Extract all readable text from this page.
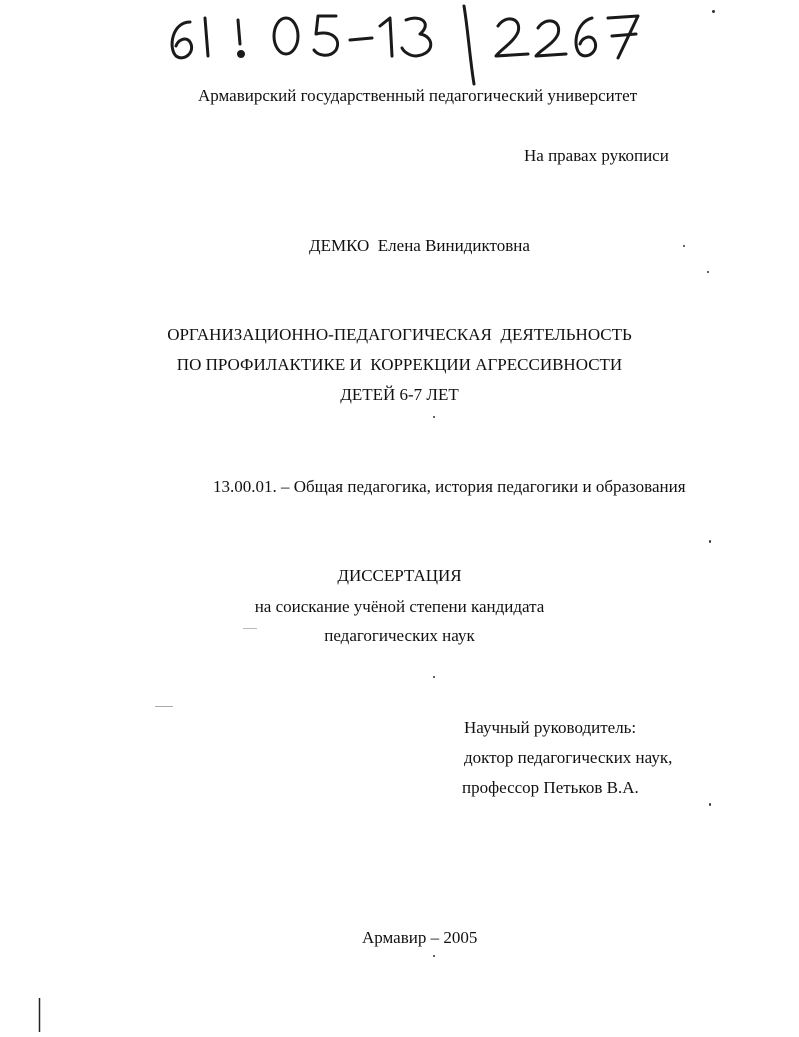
Армавирский государственный педагогический университет
На правах рукописи
ДЕМКО  Елена Винидиктовна
ОРГАНИЗАЦИОННО-ПЕДАГОГИЧЕСКАЯ  ДЕЯТЕЛЬНОСТЬ
ПО ПРОФИЛАКТИКЕ И  КОРРЕКЦИИ АГРЕССИВНОСТИ
ДЕТЕЙ 6-7 ЛЕТ
13.00.01. – Общая педагогика, история педагогики и образования
ДИССЕРТАЦИЯ
на соискание учёной степени кандидата
педагогических наук
Научный руководитель:
доктор педагогических наук,
профессор Петьков В.А.
Армавир – 2005
